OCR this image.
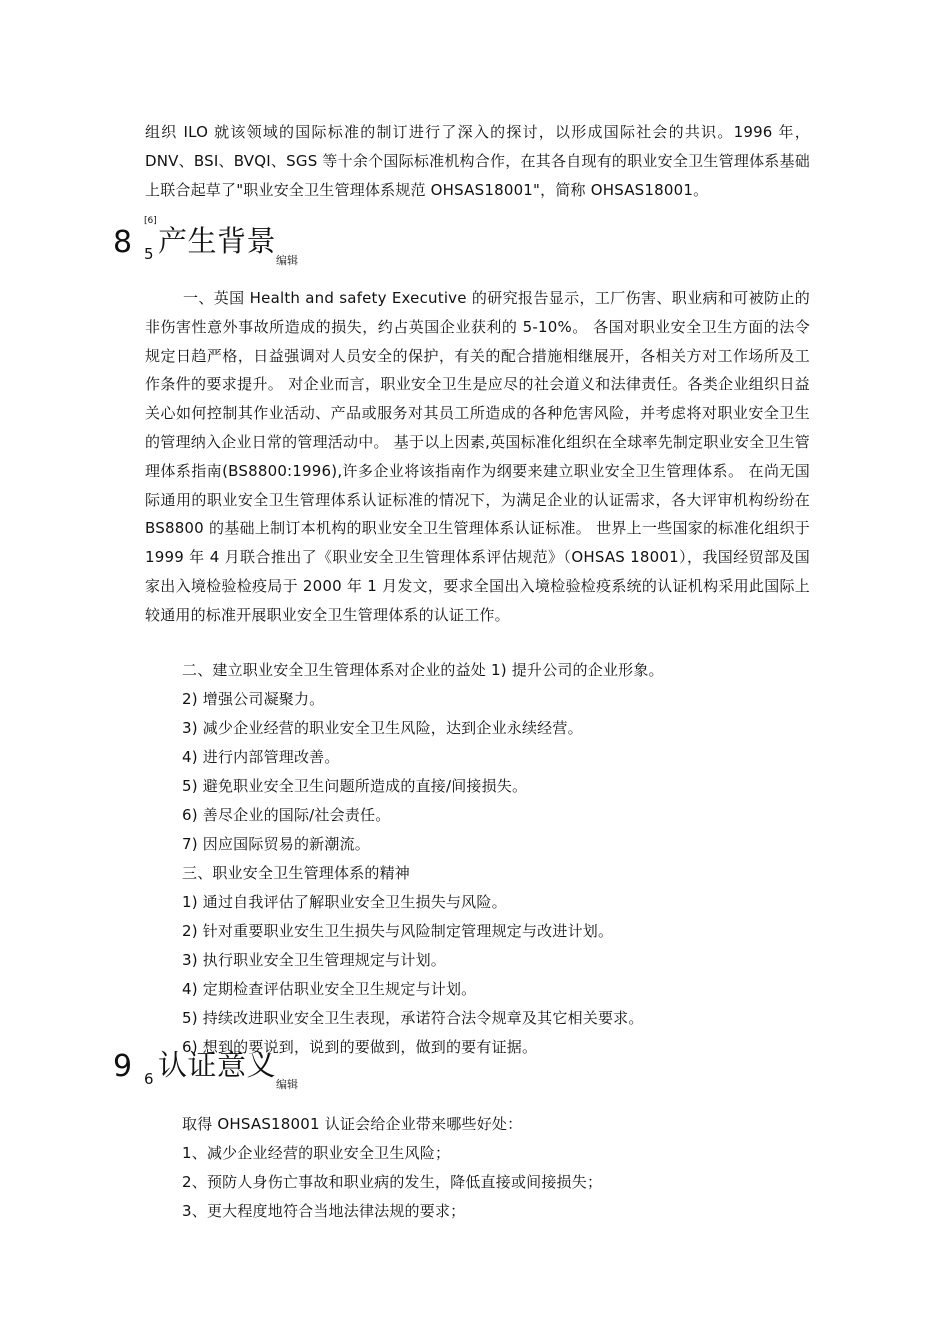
组织 ILO 就该领域的国际标准的制订进行了深入的探讨，以形成国际社会的共识。1996 年，DNV、BSI、BVQI、SGS 等十余个国际标准机构合作，在其各自现有的职业安全卫生管理体系基础上联合起草了"职业安全卫生管理体系规范 OHSAS18001"，简称 OHSAS18001。
8
[6]
5 产生背景
编辑
一、英国 Health and safety Executive 的研究报告显示，工厂伤害、职业病和可被防止的非伤害性意外事故所造成的损失，约占英国企业获利的 5-10%。 各国对职业安全卫生方面的法令规定日趋严格，日益强调对人员安全的保护，有关的配合措施相继展开，各相关方对工作场所及工作条件的要求提升。 对企业而言，职业安全卫生是应尽的社会道义和法律责任。各类企业组织日益关心如何控制其作业活动、产品或服务对其员工所造成的各种危害风险，并考虑将对职业安全卫生的管理纳入企业日常的管理活动中。 基于以上因素,英国标准化组织在全球率先制定职业安全卫生管理体系指南(BS8800:1996),许多企业将该指南作为纲要来建立职业安全卫生管理体系。 在尚无国际通用的职业安全卫生管理体系认证标准的情况下，为满足企业的认证需求，各大评审机构纷纷在 BS8800 的基础上制订本机构的职业安全卫生管理体系认证标准。 世界上一些国家的标准化组织于 1999 年 4 月联合推出了《职业安全卫生管理体系评估规范》（OHSAS 18001），我国经贸部及国家出入境检验检疫局于 2000 年 1 月发文，要求全国出入境检验检疫系统的认证机构采用此国际上较通用的标准开展职业安全卫生管理体系的认证工作。
二、建立职业安全卫生管理体系对企业的益处 1) 提升公司的企业形象。
2) 增强公司凝聚力。
3) 减少企业经营的职业安全卫生风险，达到企业永续经营。
4) 进行内部管理改善。
5) 避免职业安全卫生问题所造成的直接/间接损失。
6) 善尽企业的国际/社会责任。
7) 因应国际贸易的新潮流。
三、职业安全卫生管理体系的精神
1) 通过自我评估了解职业安全卫生损失与风险。
2) 针对重要职业安生卫生损失与风险制定管理规定与改进计划。
3) 执行职业安全卫生管理规定与计划。
4) 定期检查评估职业安全卫生规定与计划。
5) 持续改进职业安全卫生表现，承诺符合法令规章及其它相关要求。
6) 想到的要说到，说到的要做到，做到的要有证据。
9 6 认证意义
编辑
取得 OHSAS18001 认证会给企业带来哪些好处：
1、减少企业经营的职业安全卫生风险；
2、预防人身伤亡事故和职业病的发生，降低直接或间接损失；
3、更大程度地符合当地法律法规的要求；
